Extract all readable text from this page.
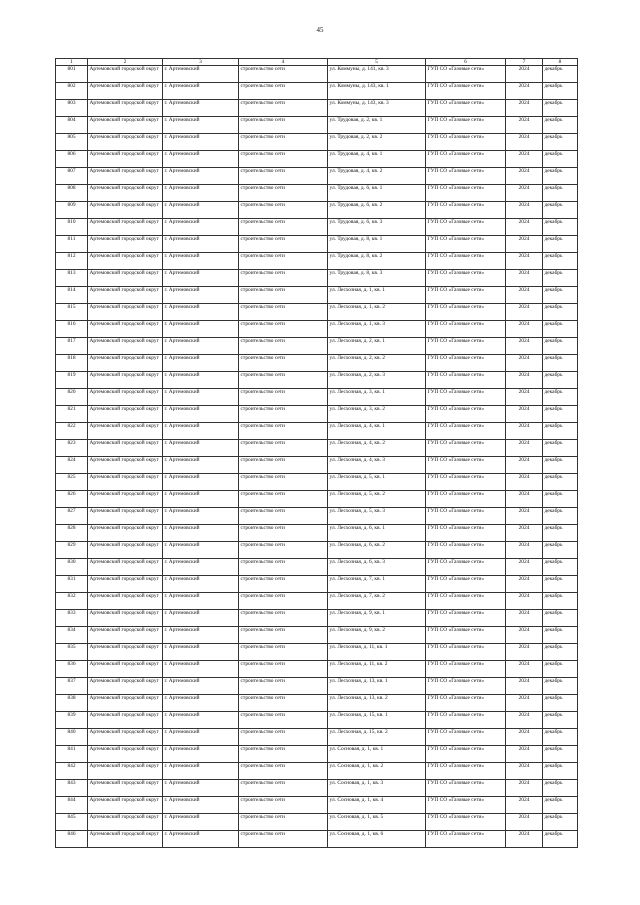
45
1	2	3	4	5	6	7	8
801	Артемовский городской округ	г. Артемовский	строительство сети	ул. Коммуны, д. 141, кв. 3	ГУП СО «Газовые сети»	2024	декабрь
802	Артемовский городской округ	г. Артемовский	строительство сети	ул. Коммуны, д. 143, кв. 1	ГУП СО «Газовые сети»	2024	декабрь
803	Артемовский городской округ	г. Артемовский	строительство сети	ул. Коммуны, д. 143, кв. 3	ГУП СО «Газовые сети»	2024	декабрь
804	Артемовский городской округ	г. Артемовский	строительство сети	ул. Трудовая, д. 2, кв. 1	ГУП СО «Газовые сети»	2024	декабрь
805	Артемовский городской округ	г. Артемовский	строительство сети	ул. Трудовая, д. 2, кв. 2	ГУП СО «Газовые сети»	2024	декабрь
806	Артемовский городской округ	г. Артемовский	строительство сети	ул. Трудовая, д. 4, кв. 1	ГУП СО «Газовые сети»	2024	декабрь
807	Артемовский городской округ	г. Артемовский	строительство сети	ул. Трудовая, д. 4, кв. 2	ГУП СО «Газовые сети»	2024	декабрь
808	Артемовский городской округ	г. Артемовский	строительство сети	ул. Трудовая, д. 6, кв. 1	ГУП СО «Газовые сети»	2024	декабрь
809	Артемовский городской округ	г. Артемовский	строительство сети	ул. Трудовая, д. 6, кв. 2	ГУП СО «Газовые сети»	2024	декабрь
810	Артемовский городской округ	г. Артемовский	строительство сети	ул. Трудовая, д. 6, кв. 3	ГУП СО «Газовые сети»	2024	декабрь
811	Артемовский городской округ	г. Артемовский	строительство сети	ул. Трудовая, д. 8, кв. 1	ГУП СО «Газовые сети»	2024	декабрь
812	Артемовский городской округ	г. Артемовский	строительство сети	ул. Трудовая, д. 8, кв. 2	ГУП СО «Газовые сети»	2024	декабрь
813	Артемовский городской округ	г. Артемовский	строительство сети	ул. Трудовая, д. 8, кв. 3	ГУП СО «Газовые сети»	2024	декабрь
814	Артемовский городской округ	г. Артемовский	строительство сети	ул. Лесхозная, д. 1, кв. 1	ГУП СО «Газовые сети»	2024	декабрь
815	Артемовский городской округ	г. Артемовский	строительство сети	ул. Лесхозная, д. 1, кв. 2	ГУП СО «Газовые сети»	2024	декабрь
816	Артемовский городской округ	г. Артемовский	строительство сети	ул. Лесхозная, д. 1, кв. 3	ГУП СО «Газовые сети»	2024	декабрь
817	Артемовский городской округ	г. Артемовский	строительство сети	ул. Лесхозная, д. 2, кв. 1	ГУП СО «Газовые сети»	2024	декабрь
818	Артемовский городской округ	г. Артемовский	строительство сети	ул. Лесхозная, д. 2, кв. 2	ГУП СО «Газовые сети»	2024	декабрь
819	Артемовский городской округ	г. Артемовский	строительство сети	ул. Лесхозная, д. 2, кв. 3	ГУП СО «Газовые сети»	2024	декабрь
820	Артемовский городской округ	г. Артемовский	строительство сети	ул. Лесхозная, д. 3, кв. 1	ГУП СО «Газовые сети»	2024	декабрь
821	Артемовский городской округ	г. Артемовский	строительство сети	ул. Лесхозная, д. 3, кв. 2	ГУП СО «Газовые сети»	2024	декабрь
822	Артемовский городской округ	г. Артемовский	строительство сети	ул. Лесхозная, д. 4, кв. 1	ГУП СО «Газовые сети»	2024	декабрь
823	Артемовский городской округ	г. Артемовский	строительство сети	ул. Лесхозная, д. 4, кв. 2	ГУП СО «Газовые сети»	2024	декабрь
824	Артемовский городской округ	г. Артемовский	строительство сети	ул. Лесхозная, д. 4, кв. 3	ГУП СО «Газовые сети»	2024	декабрь
825	Артемовский городской округ	г. Артемовский	строительство сети	ул. Лесхозная, д. 5, кв. 1	ГУП СО «Газовые сети»	2024	декабрь
826	Артемовский городской округ	г. Артемовский	строительство сети	ул. Лесхозная, д. 5, кв. 2	ГУП СО «Газовые сети»	2024	декабрь
827	Артемовский городской округ	г. Артемовский	строительство сети	ул. Лесхозная, д. 5, кв. 3	ГУП СО «Газовые сети»	2024	декабрь
828	Артемовский городской округ	г. Артемовский	строительство сети	ул. Лесхозная, д. 6, кв. 1	ГУП СО «Газовые сети»	2024	декабрь
829	Артемовский городской округ	г. Артемовский	строительство сети	ул. Лесхозная, д. 6, кв. 2	ГУП СО «Газовые сети»	2024	декабрь
830	Артемовский городской округ	г. Артемовский	строительство сети	ул. Лесхозная, д. 6, кв. 3	ГУП СО «Газовые сети»	2024	декабрь
831	Артемовский городской округ	г. Артемовский	строительство сети	ул. Лесхозная, д. 7, кв. 1	ГУП СО «Газовые сети»	2024	декабрь
832	Артемовский городской округ	г. Артемовский	строительство сети	ул. Лесхозная, д. 7, кв. 2	ГУП СО «Газовые сети»	2024	декабрь
833	Артемовский городской округ	г. Артемовский	строительство сети	ул. Лесхозная, д. 9, кв. 1	ГУП СО «Газовые сети»	2024	декабрь
834	Артемовский городской округ	г. Артемовский	строительство сети	ул. Лесхозная, д. 9, кв. 2	ГУП СО «Газовые сети»	2024	декабрь
835	Артемовский городской округ	г. Артемовский	строительство сети	ул. Лесхозная, д. 11, кв. 1	ГУП СО «Газовые сети»	2024	декабрь
836	Артемовский городской округ	г. Артемовский	строительство сети	ул. Лесхозная, д. 11, кв. 2	ГУП СО «Газовые сети»	2024	декабрь
837	Артемовский городской округ	г. Артемовский	строительство сети	ул. Лесхозная, д. 13, кв. 1	ГУП СО «Газовые сети»	2024	декабрь
838	Артемовский городской округ	г. Артемовский	строительство сети	ул. Лесхозная, д. 13, кв. 2	ГУП СО «Газовые сети»	2024	декабрь
839	Артемовский городской округ	г. Артемовский	строительство сети	ул. Лесхозная, д. 15, кв. 1	ГУП СО «Газовые сети»	2024	декабрь
840	Артемовский городской округ	г. Артемовский	строительство сети	ул. Лесхозная, д. 15, кв. 2	ГУП СО «Газовые сети»	2024	декабрь
841	Артемовский городской округ	г. Артемовский	строительство сети	ул. Сосновая, д. 1, кв. 1	ГУП СО «Газовые сети»	2024	декабрь
842	Артемовский городской округ	г. Артемовский	строительство сети	ул. Сосновая, д. 1, кв. 2	ГУП СО «Газовые сети»	2024	декабрь
843	Артемовский городской округ	г. Артемовский	строительство сети	ул. Сосновая, д. 1, кв. 3	ГУП СО «Газовые сети»	2024	декабрь
844	Артемовский городской округ	г. Артемовский	строительство сети	ул. Сосновая, д. 1, кв. 4	ГУП СО «Газовые сети»	2024	декабрь
845	Артемовский городской округ	г. Артемовский	строительство сети	ул. Сосновая, д. 1, кв. 5	ГУП СО «Газовые сети»	2024	декабрь
846	Артемовский городской округ	г. Артемовский	строительство сети	ул. Сосновая, д. 1, кв. 6	ГУП СО «Газовые сети»	2024	декабрь
